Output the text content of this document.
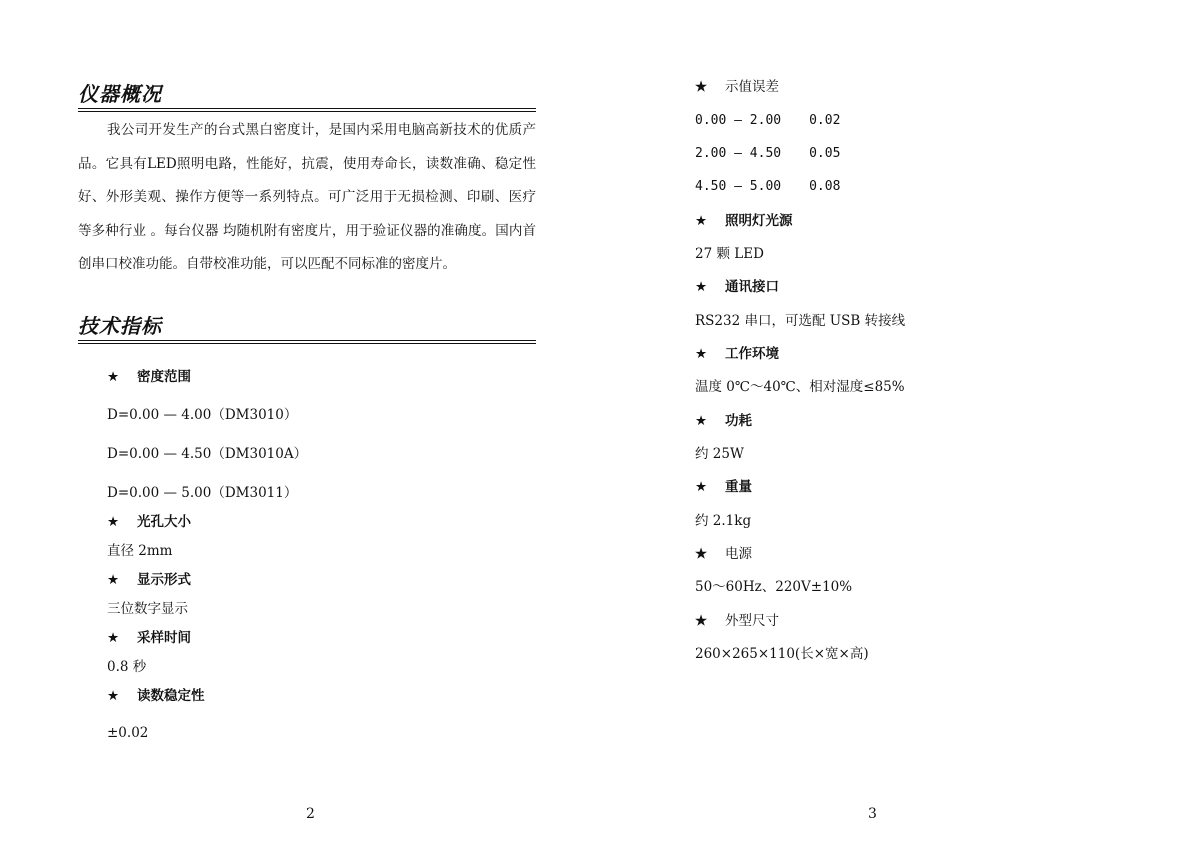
仪器概况
我公司开发生产的台式黑白密度计，是国内采用电脑高新技术的优质产品。它具有LED照明电路，性能好，抗震，使用寿命长，读数准确、稳定性好、外形美观、操作方便等一系列特点。可广泛用于无损检测、印刷、医疗等多种行业 。每台仪器 均随机附有密度片，用于验证仪器的准确度。国内首创串口校准功能。自带校准功能，可以匹配不同标准的密度片。
技术指标
★ 密度范围
D=0.00 — 4.00（DM3010）
D=0.00 — 4.50（DM3010A）
D=0.00 — 5.00（DM3011）
★ 光孔大小
直径 2mm
★ 显示形式
三位数字显示
★ 采样时间
0.8 秒
★ 读数稳定性
±0.02
2
★ 示值误差
0.00 — 2.00 0.02
2.00 — 4.50 0.05
4.50 — 5.00 0.08
★ 照明灯光源
27 颗 LED
★ 通讯接口
RS232 串口，可选配 USB 转接线
★ 工作环境
温度 0℃～40℃、相对湿度≤85%
★ 功耗
约 25W
★ 重量
约 2.1kg
★ 电源
50～60Hz、220V±10%
★ 外型尺寸
260×265×110(长×宽×高)
3
